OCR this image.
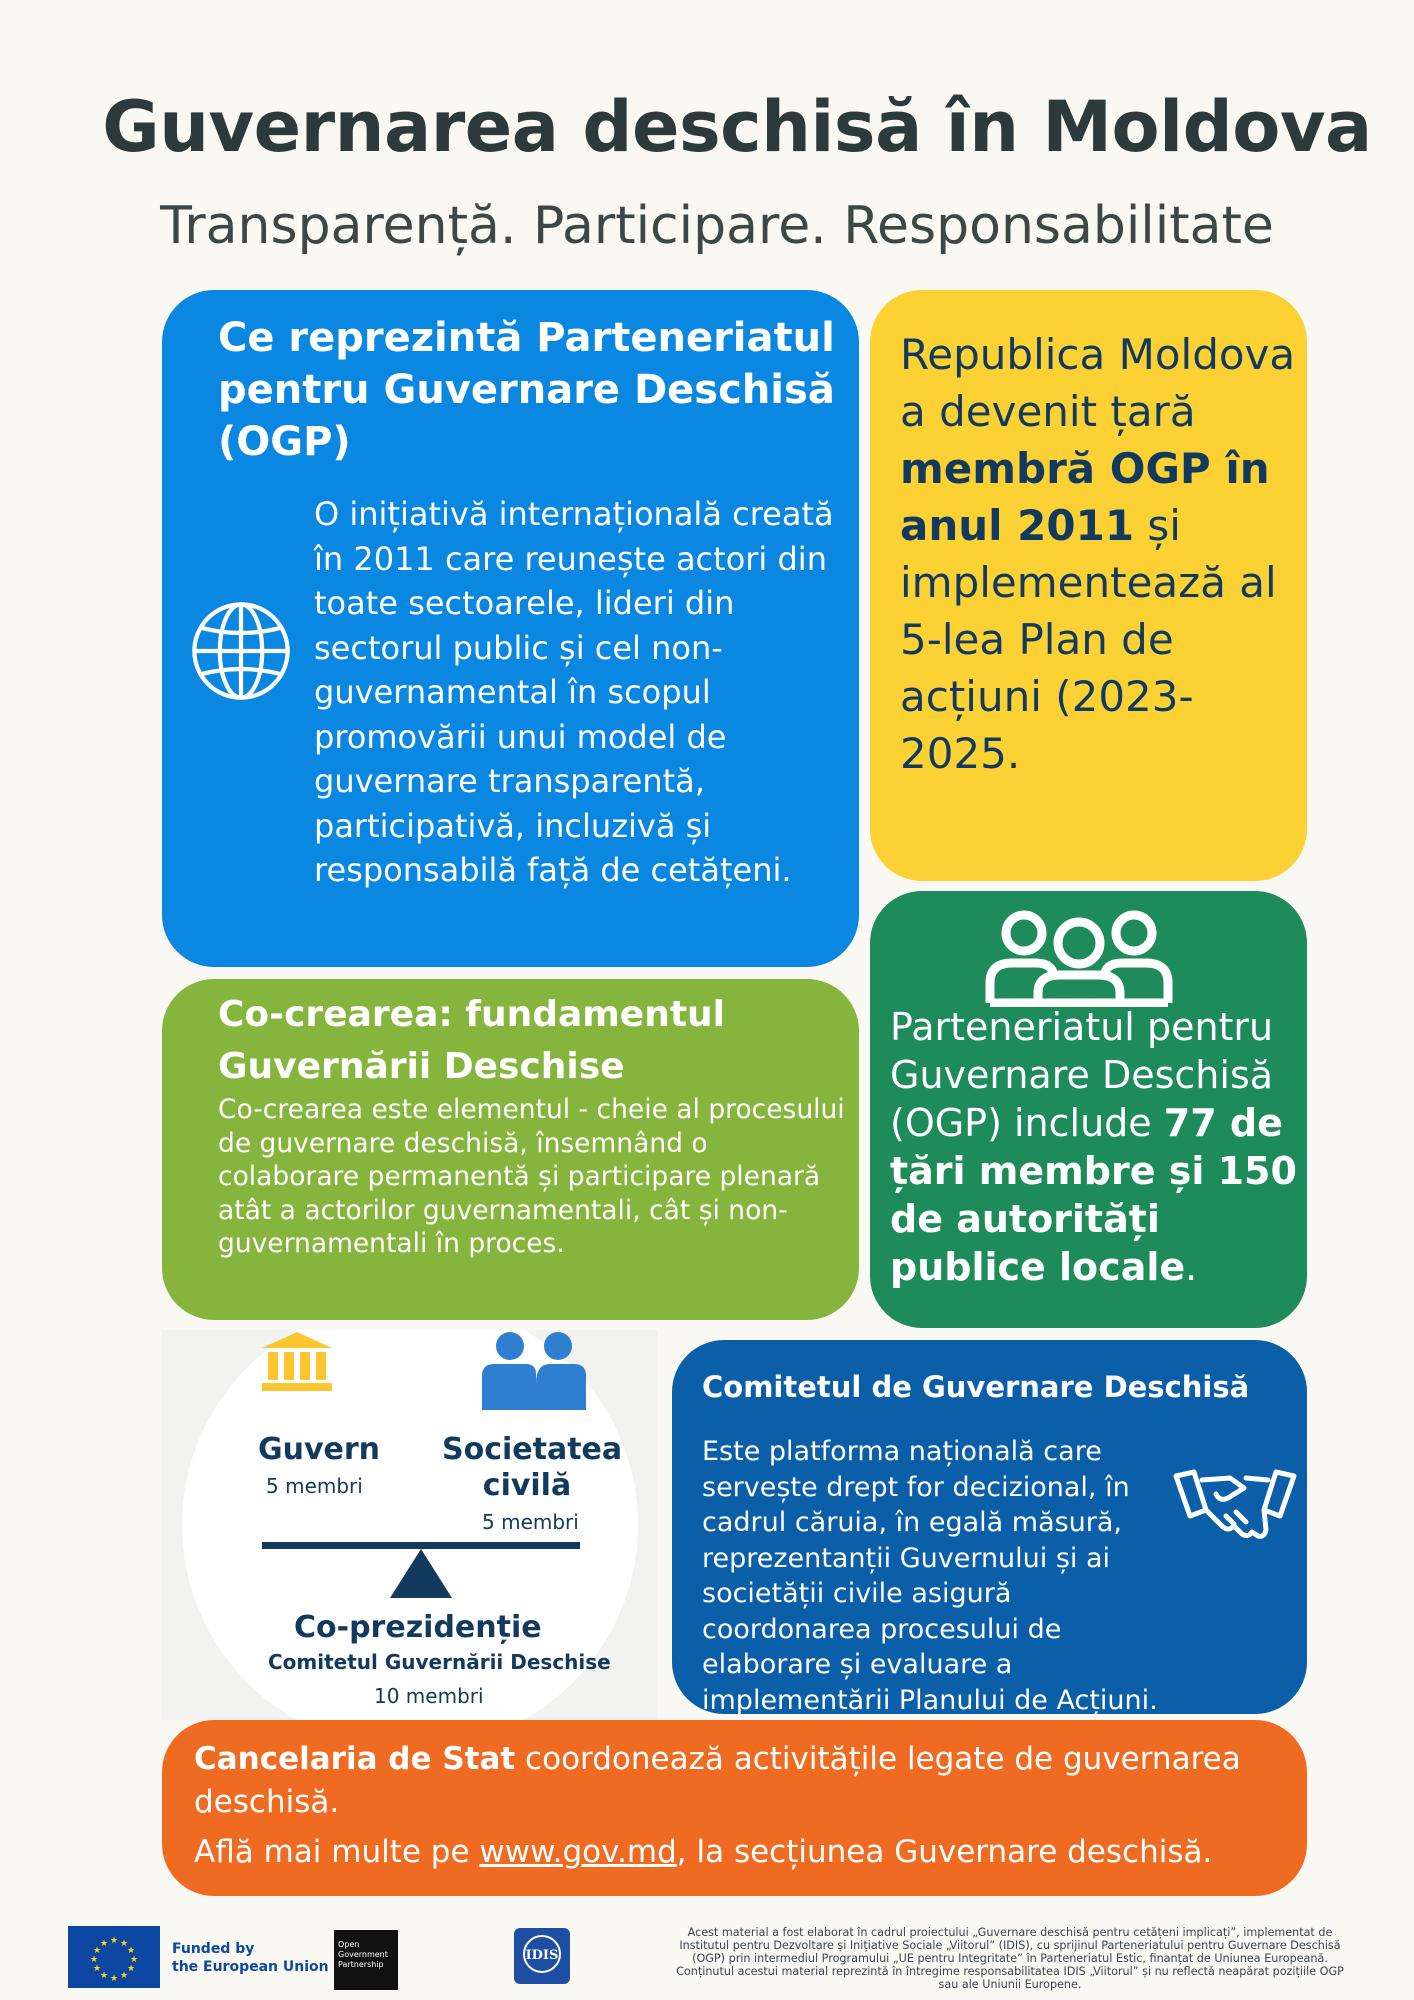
Guvernarea deschisă în Moldova
Transparență. Participare. Responsabilitate
Ce reprezintă Parteneriatul pentru Guvernare Deschisă (OGP)
O inițiativă internațională creată în 2011 care reunește actori din toate sectoarele, lideri din sectorul public și cel non-guvernamental în scopul promovării unui model de guvernare transparentă, participativă, incluzivă și responsabilă față de cetățeni.
Republica Moldova a devenit țară membră OGP în anul 2011 și implementează al 5-lea Plan de acțiuni (2023-2025.
Co-crearea: fundamentul Guvernării Deschise
Co-crearea este elementul - cheie al procesului de guvernare deschisă, însemnând o colaborare permanentă și participare plenară atât a actorilor guvernamentali, cât și non-guvernamentali în proces.
Parteneriatul pentru Guvernare Deschisă (OGP) include 77 de țări membre și 150 de autorități publice locale.
Guvern
5 membri
Societatea civilă
5 membri
Co-prezidenție
Comitetul Guvernării Deschise
10 membri
Comitetul de Guvernare Deschisă
Este platforma națională care servește drept for decizional, în cadrul căruia, în egală măsură, reprezentanții Guvernului și ai societății civile asigură coordonarea procesului de elaborare și evaluare a implementării Planului de Acțiuni.
Cancelaria de Stat coordonează activitățile legate de guvernarea deschisă.
Află mai multe pe www.gov.md, la secțiunea Guvernare deschisă.
★ ★
★
★
★
★
★
★
★
★
★
★	Funded by
the European Union
Open Government Partnership
IDIS
Acest material a fost elaborat în cadrul proiectului „Guvernare deschisă pentru cetățeni implicați”, implementat de Institutul pentru Dezvoltare și Inițiative Sociale „Viitorul” (IDIS), cu sprijinul Parteneriatului pentru Guvernare Deschisă (OGP) prin intermediul Programului „UE pentru Integritate” în Parteneriatul Estic, finanțat de Uniunea Europeană. Conținutul acestui material reprezintă în întregime responsabilitatea IDIS „Viitorul” și nu reflectă neapărat pozițiile OGP sau ale Uniunii Europene.
